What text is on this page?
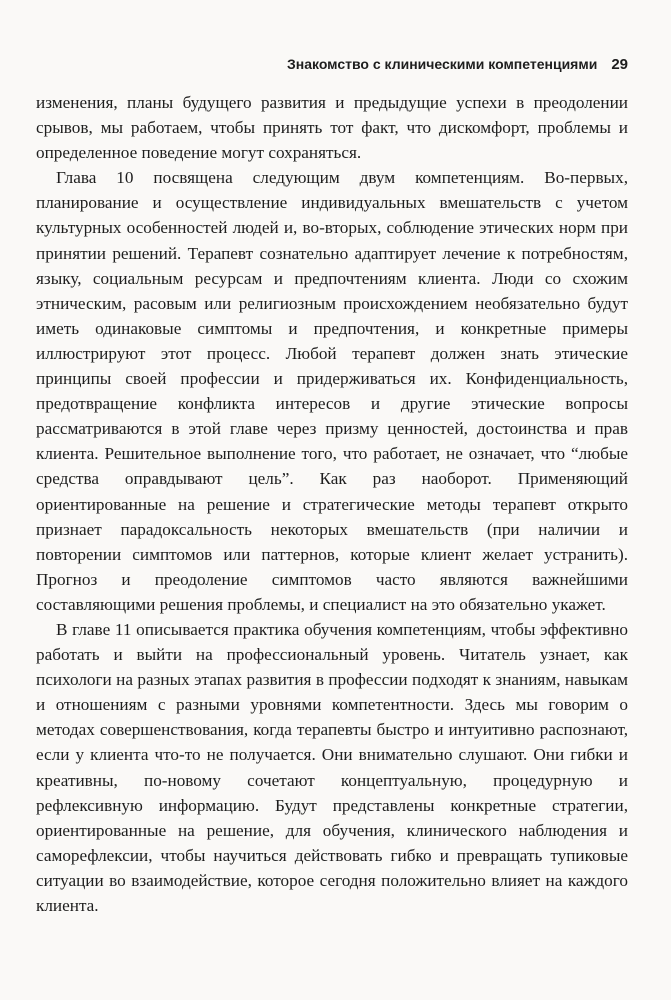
Знакомство с клиническими компетенциями 29

изменения, планы будущего развития и предыдущие успехи в преодолении срывов, мы работаем, чтобы принять тот факт, что дискомфорт, проблемы и определенное поведение могут сохраняться.

Глава 10 посвящена следующим двум компетенциям. Во-первых, планирование и осуществление индивидуальных вмешательств с учетом культурных особенностей людей и, во-вторых, соблюдение этических норм при принятии решений. Терапевт сознательно адаптирует лечение к потребностям, языку, социальным ресурсам и предпочтениям клиента. Люди со схожим этническим, расовым или религиозным происхождением необязательно будут иметь одинаковые симптомы и предпочтения, и конкретные примеры иллюстрируют этот процесс. Любой терапевт должен знать этические принципы своей профессии и придерживаться их. Конфиденциальность, предотвращение конфликта интересов и другие этические вопросы рассматриваются в этой главе через призму ценностей, достоинства и прав клиента. Решительное выполнение того, что работает, не означает, что “любые средства оправдывают цель”. Как раз наоборот. Применяющий ориентированные на решение и стратегические методы терапевт открыто признает парадоксальность некоторых вмешательств (при наличии и повторении симптомов или паттернов, которые клиент желает устранить). Прогноз и преодоление симптомов часто являются важнейшими составляющими решения проблемы, и специалист на это обязательно укажет.

В главе 11 описывается практика обучения компетенциям, чтобы эффективно работать и выйти на профессиональный уровень. Читатель узнает, как психологи на разных этапах развития в профессии подходят к знаниям, навыкам и отношениям с разными уровнями компетентности. Здесь мы говорим о методах совершенствования, когда терапевты быстро и интуитивно распознают, если у клиента что-то не получается. Они внимательно слушают. Они гибки и креативны, по-новому сочетают концептуальную, процедурную и рефлексивную информацию. Будут представлены конкретные стратегии, ориентированные на решение, для обучения, клинического наблюдения и саморефлексии, чтобы научиться действовать гибко и превращать тупиковые ситуации во взаимодействие, которое сегодня положительно влияет на каждого клиента.
